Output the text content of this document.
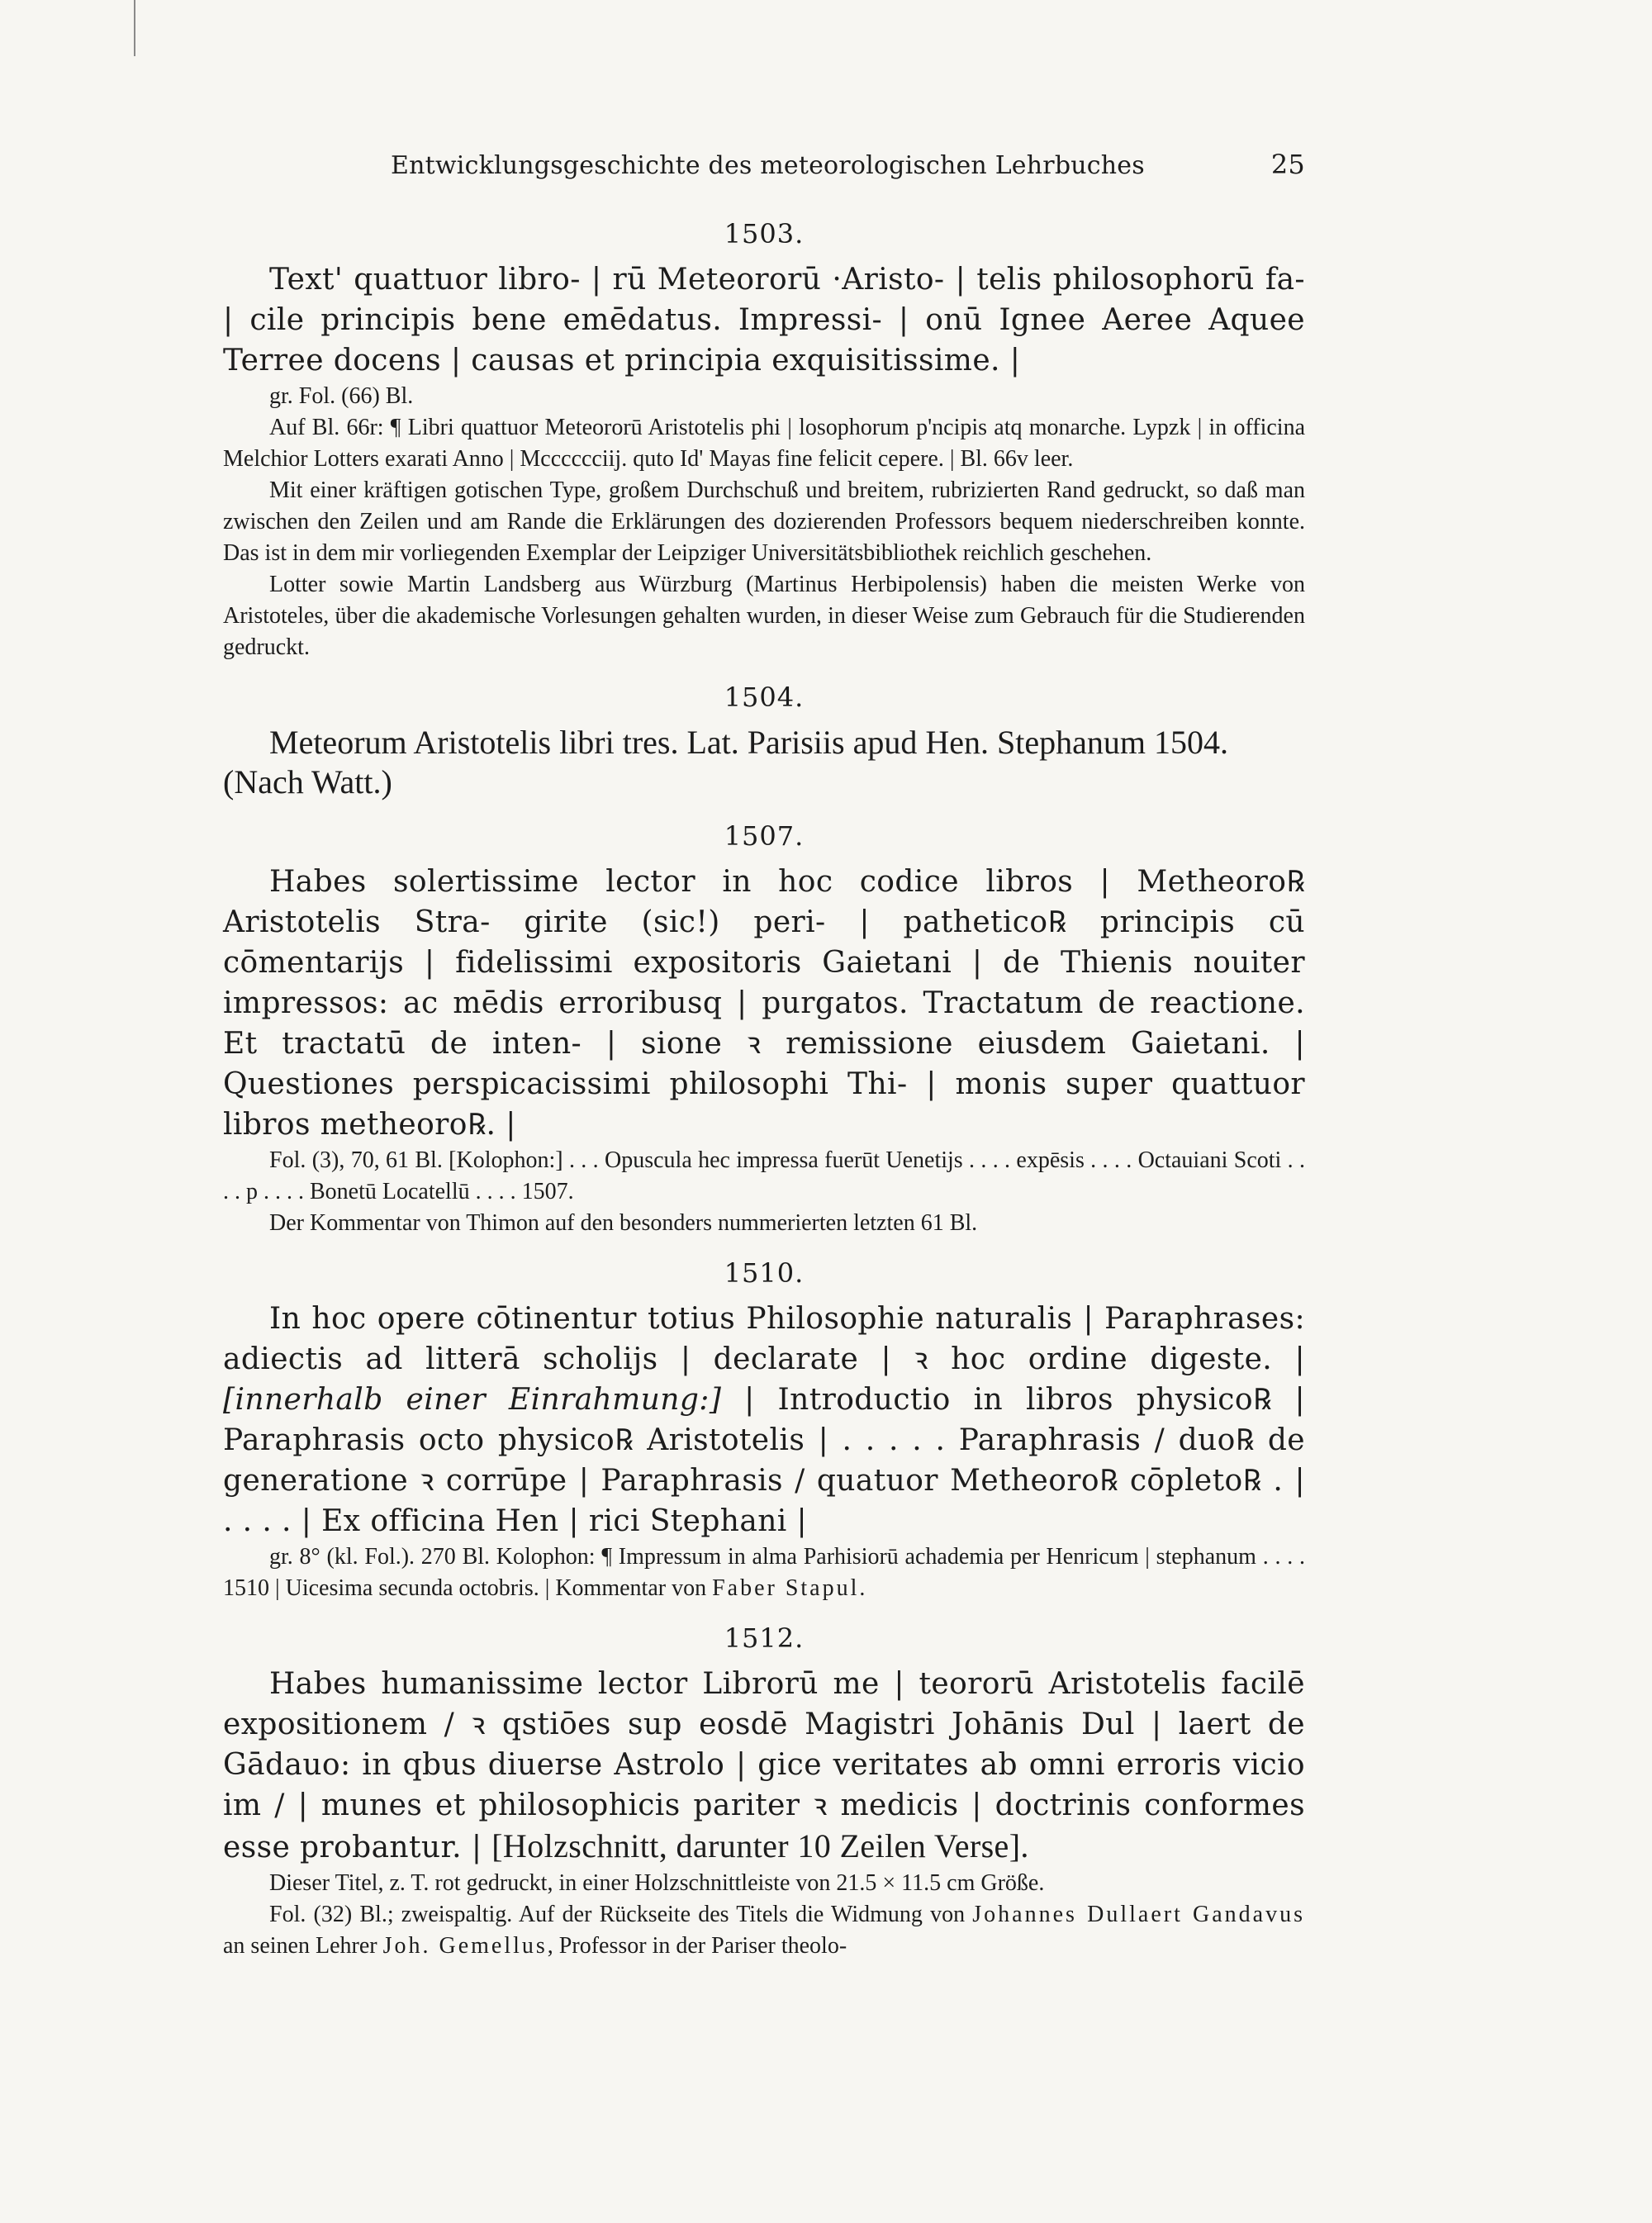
Entwicklungsgeschichte des meteorologischen Lehrbuches	25
1503.

Text' quattuor libro- | rū Meteororū ·Aristo- | telis philosophorū fa- | cile principis bene emēdatus. Impressi- | onū Ignee Aeree Aquee Terree docens | causas et principia exquisitissime. |

gr. Fol. (66) Bl.

Auf Bl. 66r: ¶ Libri quattuor Meteororū Aristotelis phi | losophorum p'ncipis atq monarche. Lypzk | in officina Melchior Lotters exarati Anno | Mcccccciij. quto Id' Mayas fine felicit cepere. | Bl. 66v leer.

Mit einer kräftigen gotischen Type, großem Durchschuß und breitem, rubrizierten Rand gedruckt, so daß man zwischen den Zeilen und am Rande die Erklärungen des dozierenden Professors bequem niederschreiben konnte. Das ist in dem mir vorliegenden Exemplar der Leipziger Universitätsbibliothek reichlich geschehen.

Lotter sowie Martin Landsberg aus Würzburg (Martinus Herbipolensis) haben die meisten Werke von Aristoteles, über die akademische Vorlesungen gehalten wurden, in dieser Weise zum Gebrauch für die Studierenden gedruckt.

1504.

Meteorum Aristotelis libri tres. Lat. Parisiis apud Hen. Stephanum 1504. (Nach Watt.)

1507.

Habes solertissime lector in hoc codice libros | Metheoro℞ Aristotelis Stra- girite (sic!) peri- | pathetico℞ principis cū cōmentarijs | fidelissimi expositoris Gaietani | de Thienis nouiter impressos: ac mēdis erroribusq | purgatos. Tractatum de reactione. Et tractatū de inten- | sione ꝛ remissione eiusdem Gaietani. | Questiones perspicacissimi philosophi Thi- | monis super quattuor libros metheoro℞. |

Fol. (3), 70, 61 Bl. [Kolophon:] . . . Opuscula hec impressa fuerūt Uenetijs . . . . expēsis . . . . Octauiani Scoti . . . . p . . . . Bonetū Locatellū . . . . 1507.

Der Kommentar von Thimon auf den besonders nummerierten letzten 61 Bl.

1510.

In hoc opere cōtinentur totius Philosophie naturalis | Paraphrases: adiectis ad litterā scholijs | declarate | ꝛ hoc ordine digeste. | [innerhalb einer Einrahmung:] | Introductio in libros physico℞ | Paraphrasis octo physico℞ Aristotelis | . . . . . Paraphrasis / duo℞ de generatione ꝛ corrūpe | Paraphrasis / quatuor Metheoro℞ cōpleto℞ . | . . . . | Ex officina Hen | rici Stephani |

gr. 8° (kl. Fol.). 270 Bl. Kolophon: ¶ Impressum in alma Parhisiorū achademia per Henricum | stephanum . . . . 1510 | Uicesima secunda octobris. | Kommentar von Faber Stapul.

1512.

Habes humanissime lector Librorū me | teororū Aristotelis facilē expositionem / ꝛ qstiōes sup eosdē Magistri Johānis Dul | laert de Gādauo: in qbus diuerse Astrolo | gice veritates ab omni erroris vicio im / | munes et philosophicis pariter ꝛ medicis | doctrinis conformes esse probantur. | [Holzschnitt, darunter 10 Zeilen Verse].

Dieser Titel, z. T. rot gedruckt, in einer Holzschnittleiste von 21.5 × 11.5 cm Größe.

Fol. (32) Bl.; zweispaltig. Auf der Rückseite des Titels die Widmung von Johannes Dullaert Gandavus an seinen Lehrer Joh. Gemellus, Professor in der Pariser theolo-
